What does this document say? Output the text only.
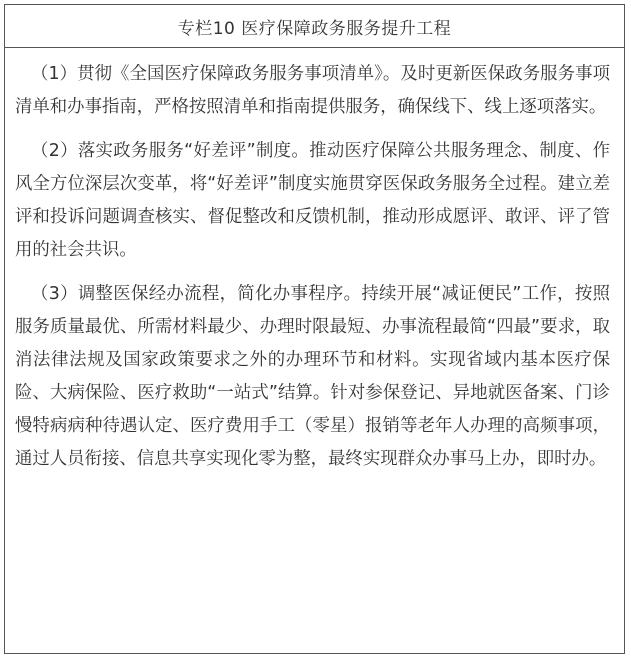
专栏10 医疗保障政务服务提升工程

（1）贯彻《全国医疗保障政务服务事项清单》。及时更新医保政务服务事项清单和办事指南，严格按照清单和指南提供服务，确保线下、线上逐项落实。

（2）落实政务服务“好差评”制度。推动医疗保障公共服务理念、制度、作风全方位深层次变革，将“好差评”制度实施贯穿医保政务服务全过程。建立差评和投诉问题调查核实、督促整改和反馈机制，推动形成愿评、敢评、评了管用的社会共识。

（3）调整医保经办流程，简化办事程序。持续开展“减证便民”工作，按照服务质量最优、所需材料最少、办理时限最短、办事流程最简“四最”要求，取消法律法规及国家政策要求之外的办理环节和材料。实现省域内基本医疗保险、大病保险、医疗救助“一站式”结算。针对参保登记、异地就医备案、门诊慢特病病种待遇认定、医疗费用手工（零星）报销等老年人办理的高频事项，通过人员衔接、信息共享实现化零为整，最终实现群众办事马上办，即时办。
